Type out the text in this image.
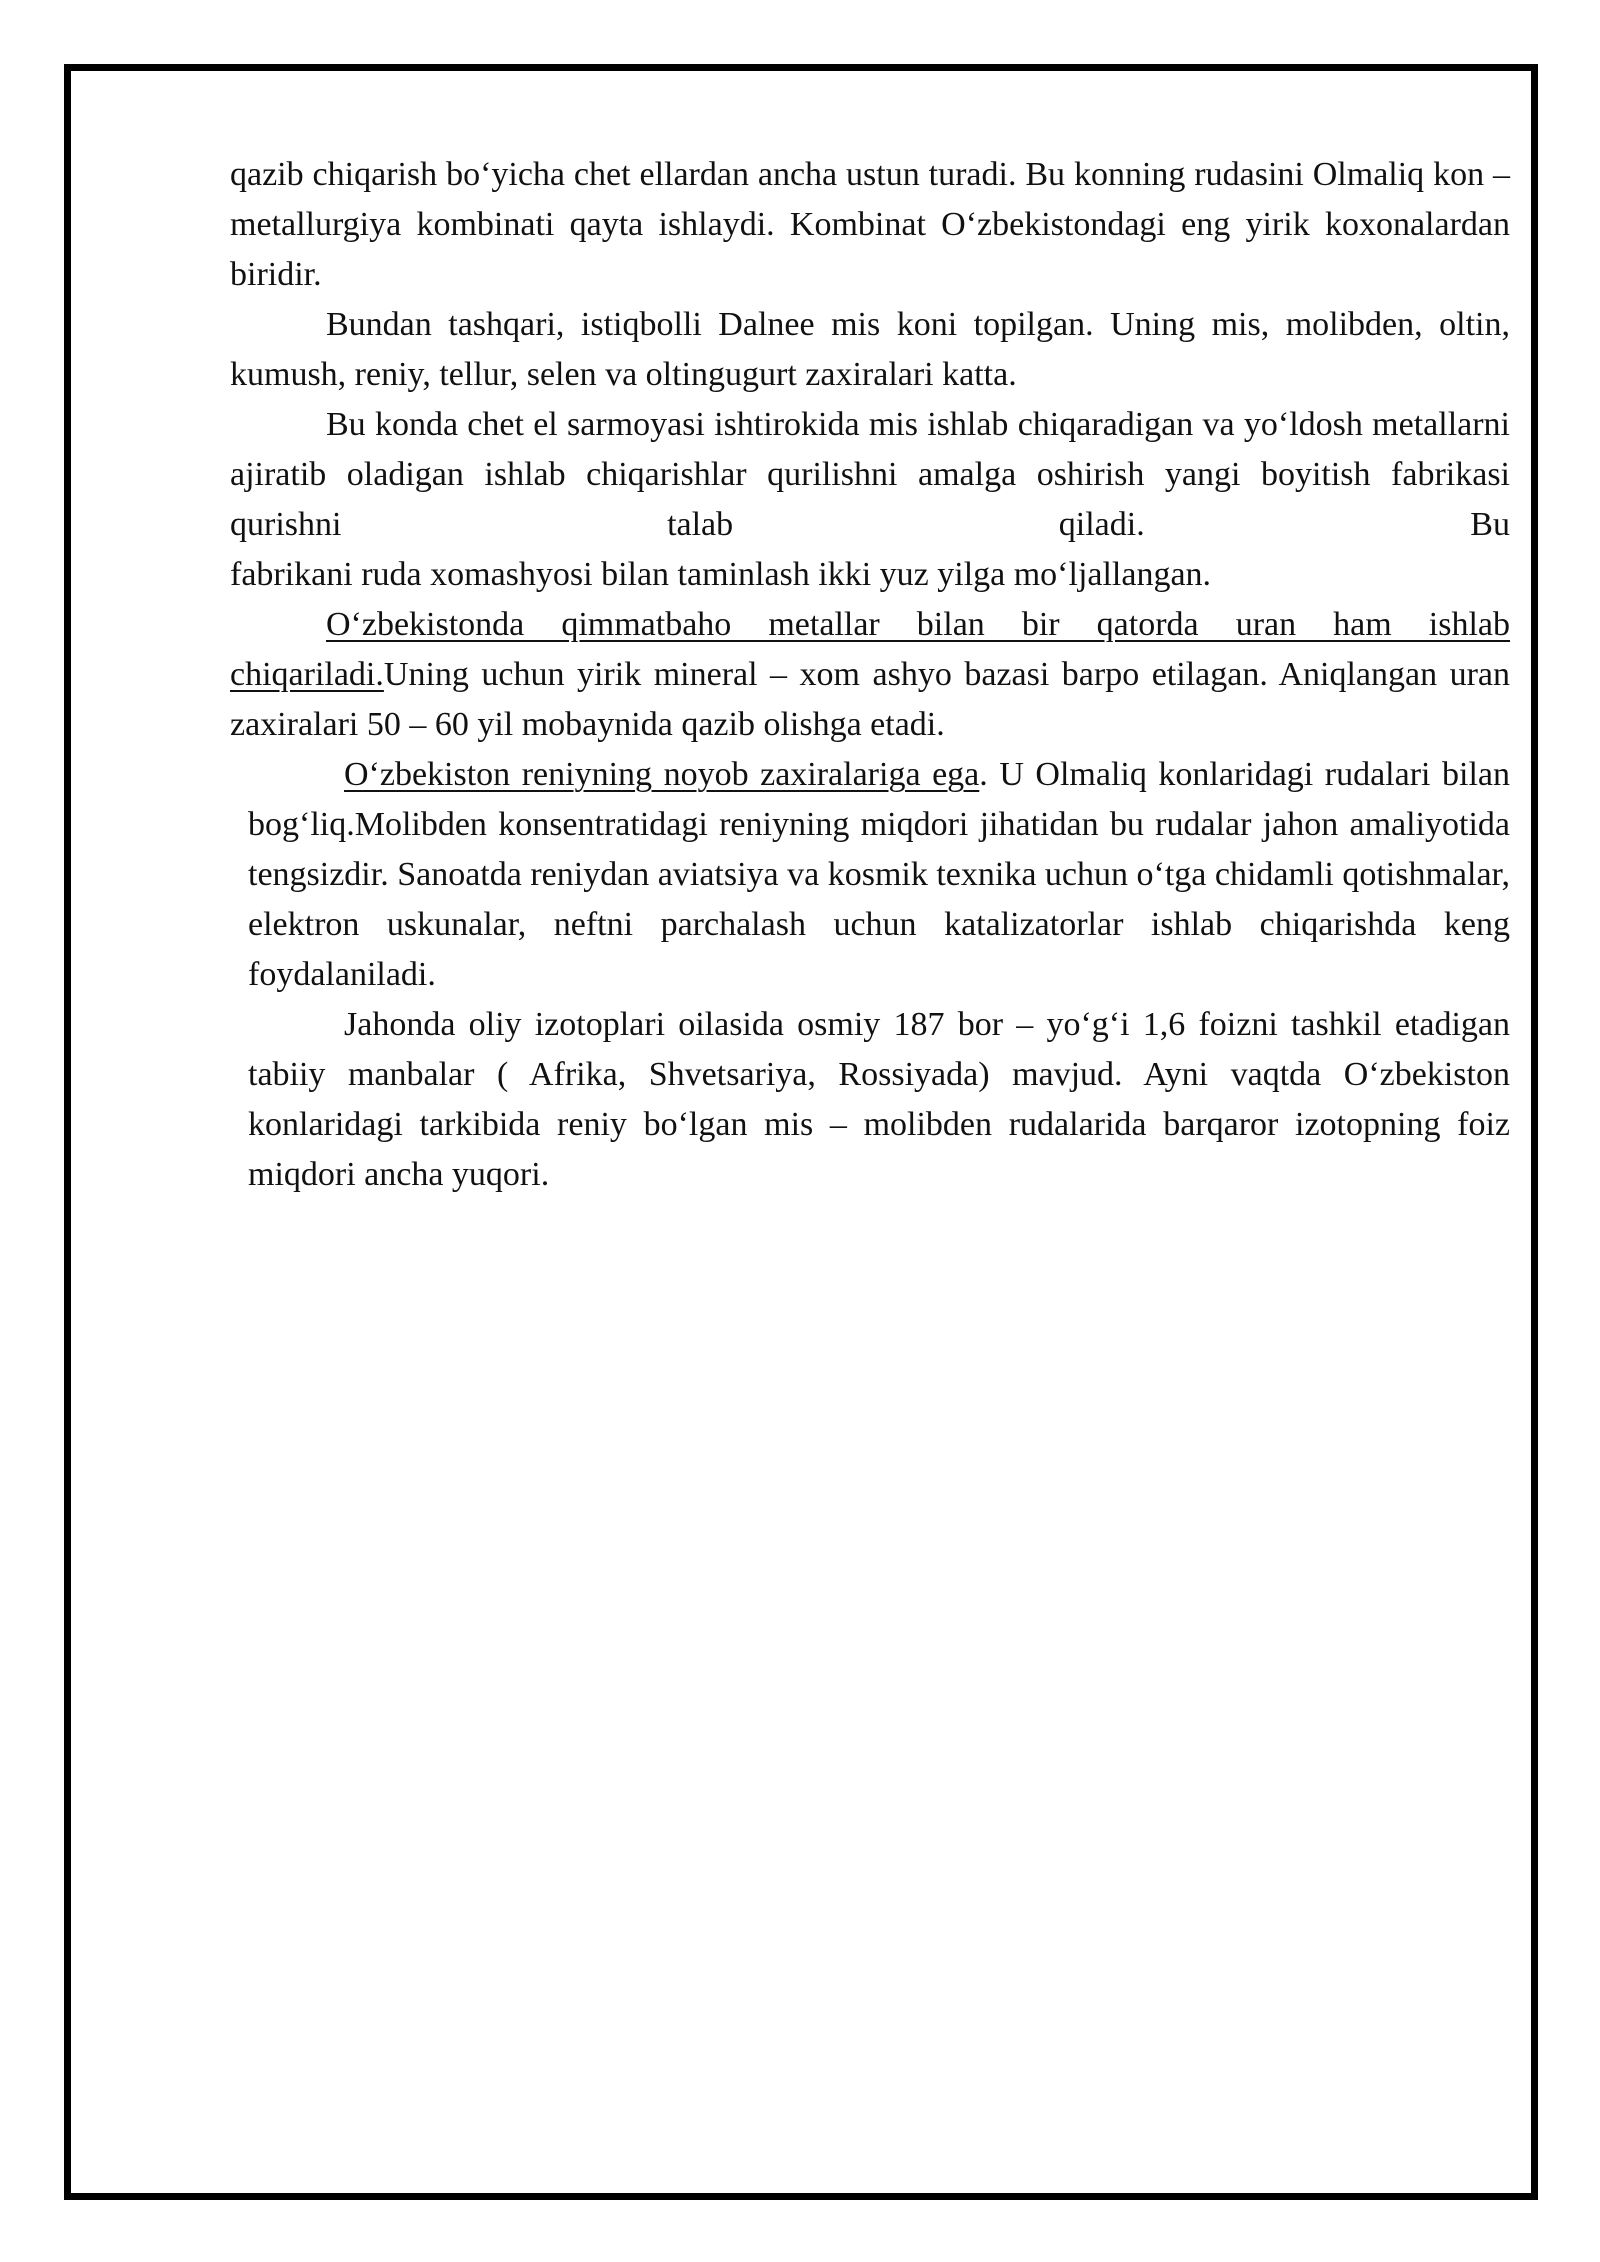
qazib chiqarish bo‘yicha chet ellardan ancha ustun turadi. Bu konning rudasini Olmaliq kon – metallurgiya kombinati qayta ishlaydi. Kombinat O‘zbekistondagi eng yirik koxonalardan biridir.

Bundan tashqari, istiqbolli Dalnee mis koni topilgan. Uning mis, molibden, oltin, kumush, reniy, tellur, selen va oltingugurt zaxiralari katta.

Bu konda chet el sarmoyasi ishtirokida mis ishlab chiqaradigan va yo‘ldosh metallarni ajiratib oladigan ishlab chiqarishlar qurilishni amalga oshirish yangi boyitish fabrikasi qurishni talab qiladi. Bu

fabrikani ruda xomashyosi bilan taminlash ikki yuz yilga mo‘ljallangan.

O‘zbekistonda qimmatbaho metallar bilan bir qatorda uran ham ishlab chiqariladi.Uning uchun yirik mineral – xom ashyo bazasi barpo etilagan. Aniqlangan uran zaxiralari 50 – 60 yil mobaynida qazib olishga etadi.

O‘zbekiston reniyning noyob zaxiralariga ega. U Olmaliq konlaridagi rudalari bilan bog‘liq.Molibden konsentratidagi reniyning miqdori jihatidan bu rudalar jahon amaliyotida tengsizdir. Sanoatda reniydan aviatsiya va kosmik texnika uchun o‘tga chidamli qotishmalar, elektron uskunalar, neftni parchalash uchun katalizatorlar ishlab chiqarishda keng foydalaniladi.

Jahonda oliy izotoplari oilasida osmiy 187 bor – yo‘g‘i 1,6 foizni tashkil etadigan tabiiy manbalar ( Afrika, Shvetsariya, Rossiyada) mavjud. Ayni vaqtda O‘zbekiston konlaridagi tarkibida reniy bo‘lgan mis – molibden rudalarida barqaror izotopning foiz miqdori ancha yuqori.
